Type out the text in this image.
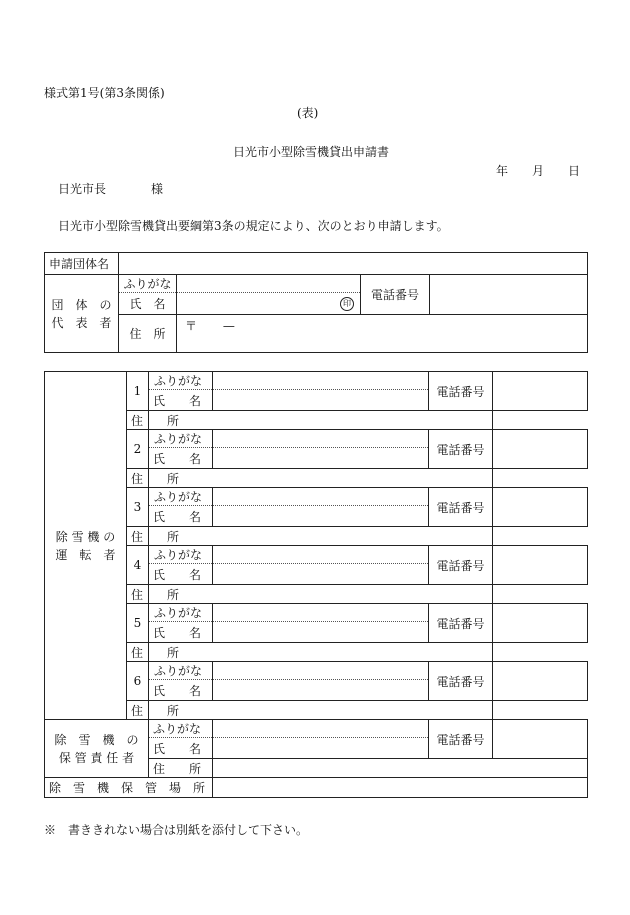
様式第1号(第3条関係)
(表)
日光市小型除雪機貸出申請書
年 月 日
日光市長	様
日光市小型除雪機貸出要綱第3条の規定により、次のとおり申請します。
申請団体名				

団　体　の
代　表　者	ふりがな		電話番号	
	氏　名	印		

	住　所	〒 —		
除 雪 機 の
運　転　者	1	ふりがな		電話番号	
		氏　　名			
	住　　所				
	2	ふりがな		電話番号	
		氏　　名			
	住　　所				
	3	ふりがな		電話番号	
		氏　　名			
	住　　所				
	4	ふりがな		電話番号	
		氏　　名			
	住　　所				
	5	ふりがな		電話番号	
		氏　　名			
	住　　所				
	6	ふりがな		電話番号	
		氏　　名			
	住　　所				

除　雪　機　の
保 管 責 任 者		ふりがな		電話番号	
		氏　　名			
		住　　所			
除　雪　機　保　管　場　所					
※　書ききれない場合は別紙を添付して下さい。
